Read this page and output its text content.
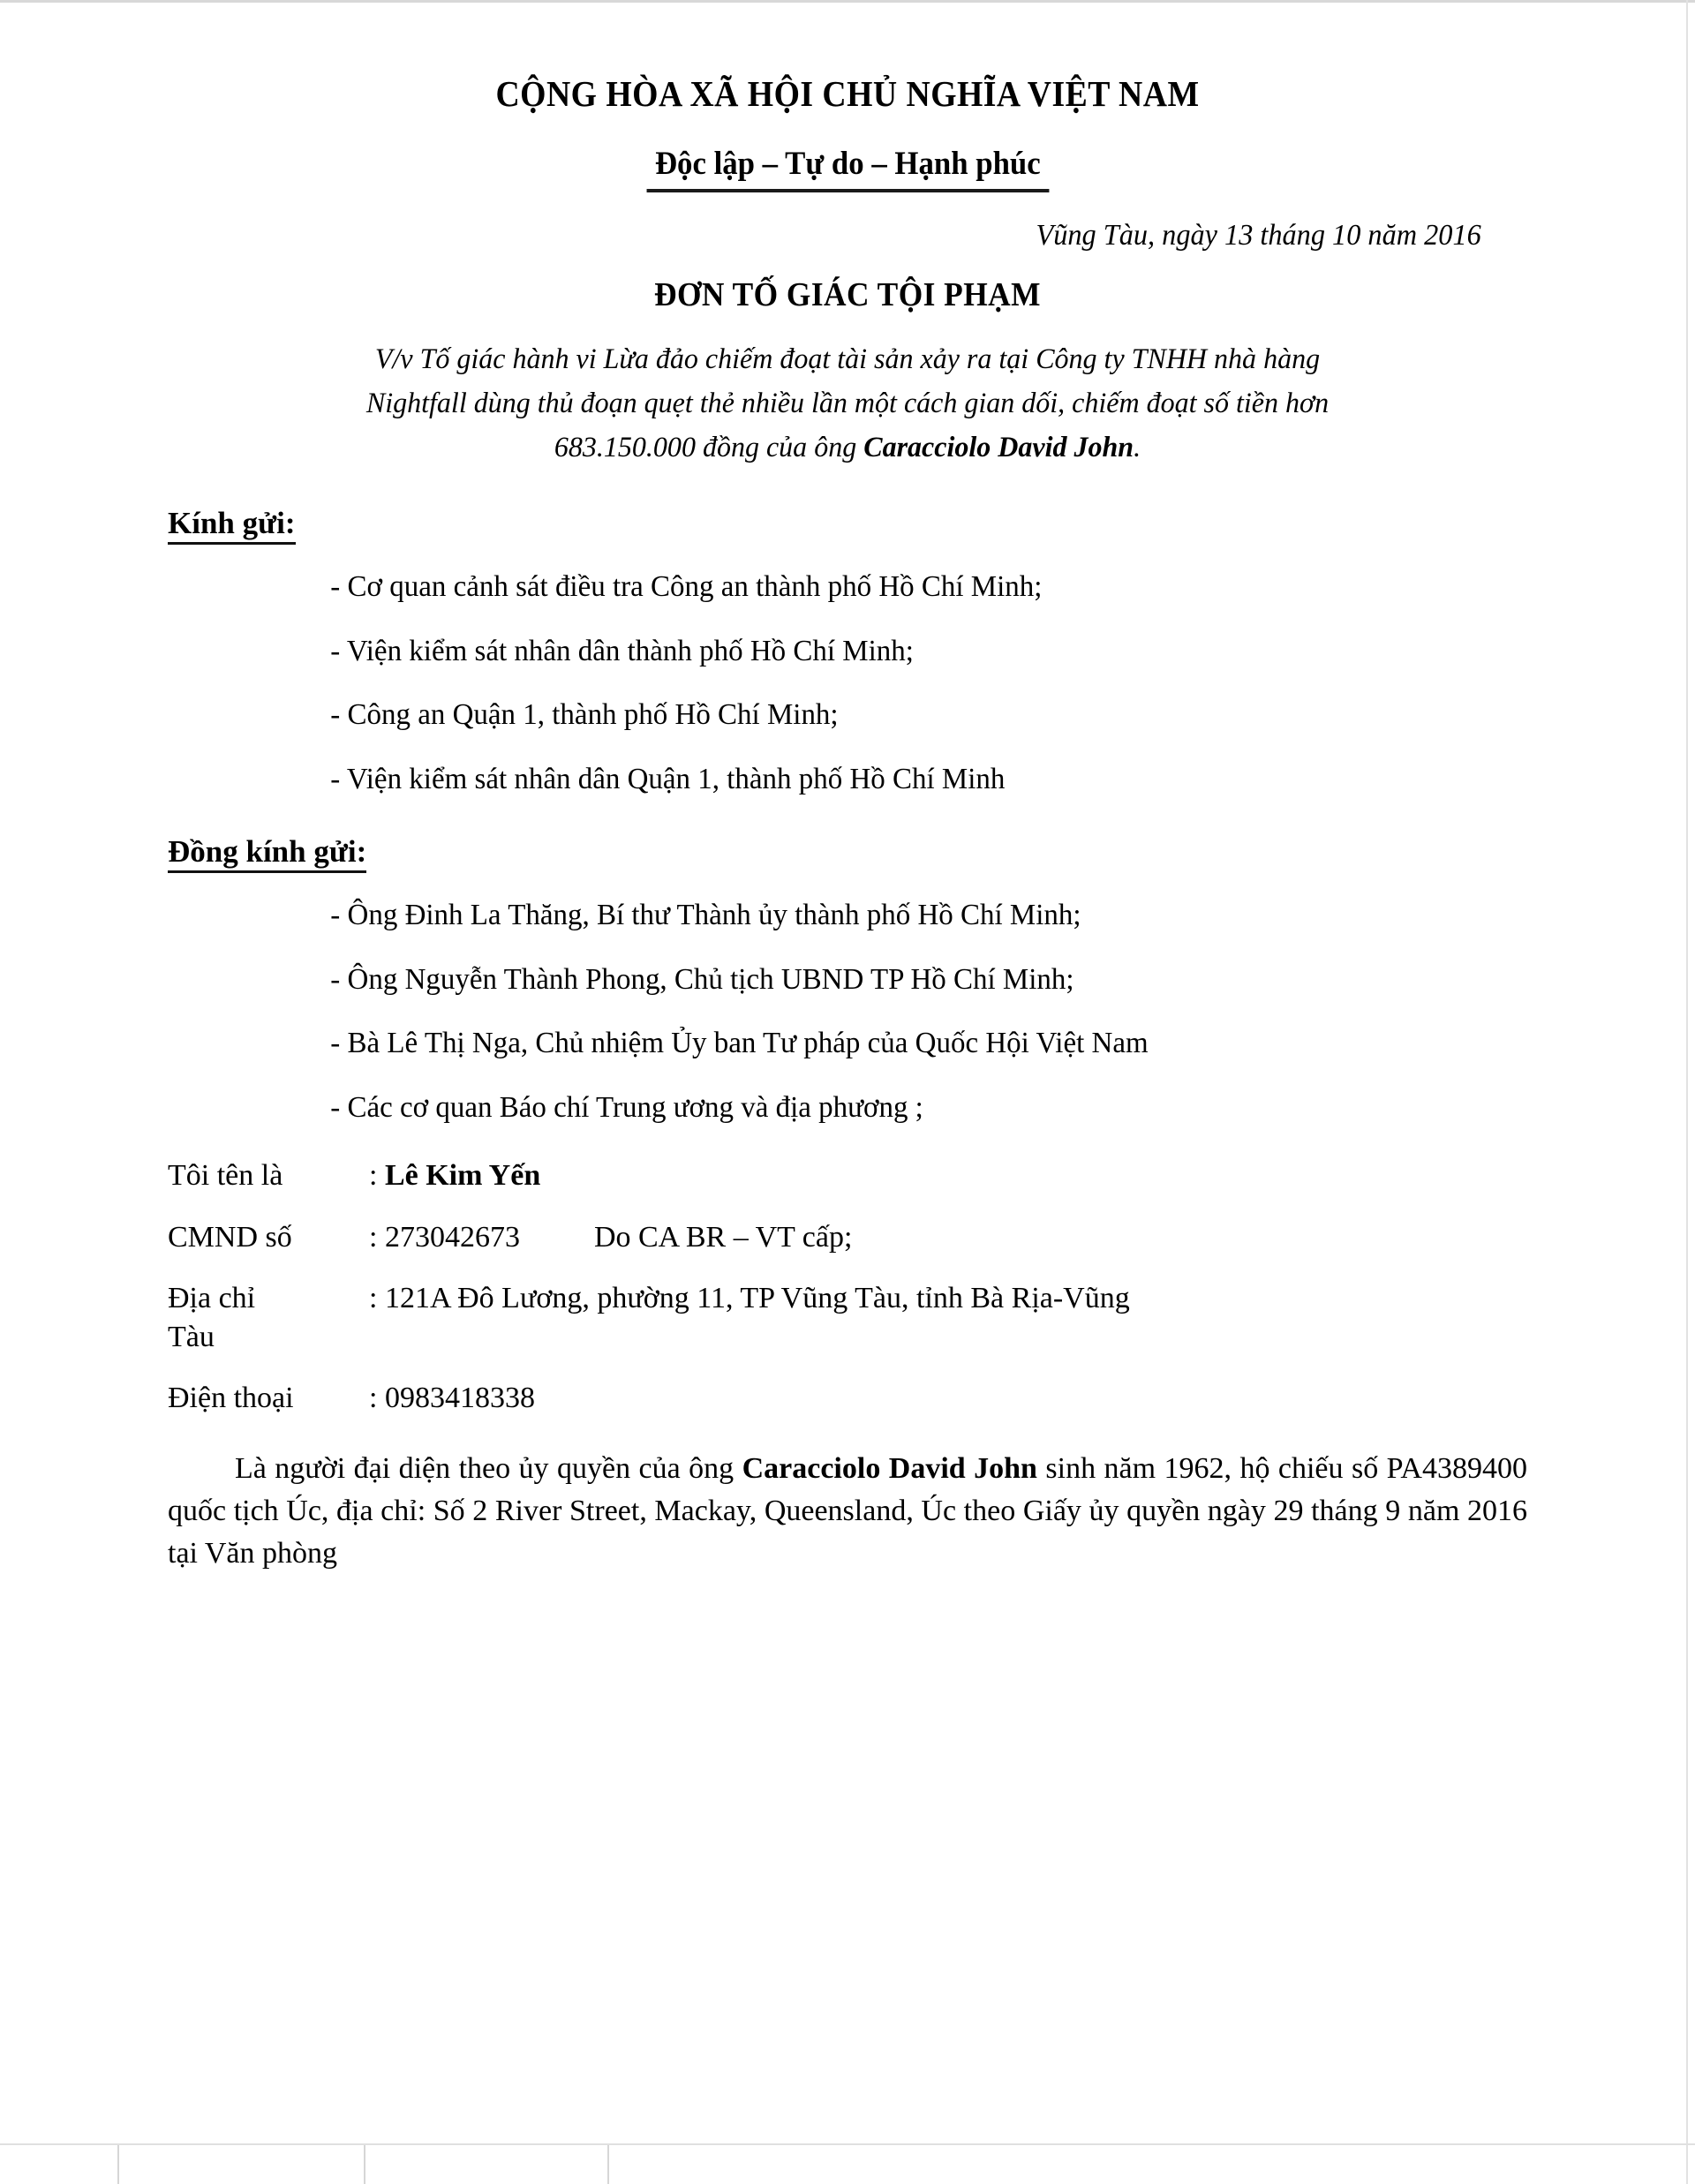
CỘNG HÒA XÃ HỘI CHỦ NGHĨA VIỆT NAM
Độc lập – Tự do – Hạnh phúc
Vũng Tàu, ngày 13 tháng 10 năm 2016
ĐƠN TỐ GIÁC TỘI PHẠM
V/v Tố giác hành vi Lừa đảo chiếm đoạt tài sản xảy ra tại Công ty TNHH nhà hàng Nightfall dùng thủ đoạn quẹt thẻ nhiều lần một cách gian dối, chiếm đoạt số tiền hơn 683.150.000 đồng của ông Caracciolo David John.
Kính gửi:
- Cơ quan cảnh sát điều tra Công an thành phố Hồ Chí Minh;
- Viện kiểm sát nhân dân thành phố Hồ Chí Minh;
- Công an Quận 1, thành phố Hồ Chí Minh;
- Viện kiểm sát nhân dân Quận 1, thành phố Hồ Chí Minh
Đồng kính gửi:
- Ông Đinh La Thăng, Bí thư Thành ủy thành phố Hồ Chí Minh;
- Ông Nguyễn Thành Phong, Chủ tịch UBND TP Hồ Chí Minh;
- Bà Lê Thị Nga, Chủ nhiệm Ủy ban Tư pháp của Quốc Hội Việt Nam
- Các cơ quan Báo chí Trung ương và địa phương ;
Tôi tên là	: Lê Kim Yến
CMND số	: 273042673 Do CA BR – VT cấp;
Địa chỉ	: 121A Đô Lương, phường 11, TP Vũng Tàu, tỉnh Bà Rịa-Vũng
Tàu
Điện thoại	: 0983418338
Là người đại diện theo ủy quyền của ông Caracciolo David John sinh năm 1962, hộ chiếu số PA4389400 quốc tịch Úc, địa chỉ: Số 2 River Street, Mackay, Queensland, Úc theo Giấy ủy quyền ngày 29 tháng 9 năm 2016 tại Văn phòng
